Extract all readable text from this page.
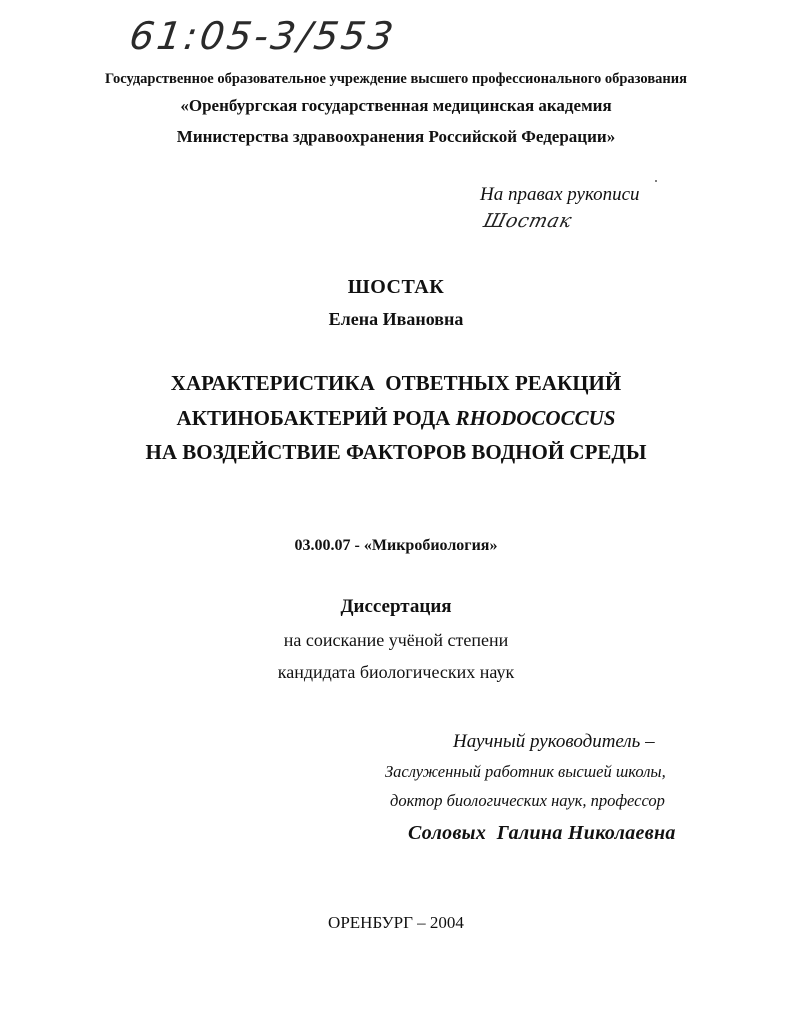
61:05-3/553
Государственное образовательное учреждение высшего профессионального образования
«Оренбургская государственная медицинская академия
Министерства здравоохранения Российской Федерации»
На правах рукописи
Шостак
ШОСТАК
Елена Ивановна
ХАРАКТЕРИСТИКА  ОТВЕТНЫХ РЕАКЦИЙ
АКТИНОБАКТЕРИЙ РОДА RHODOCOCCUS
НА ВОЗДЕЙСТВИЕ ФАКТОРОВ ВОДНОЙ СРЕДЫ
03.00.07 - «Микробиология»
Диссертация
на соискание учёной степени
кандидата биологических наук
Научный руководитель –
Заслуженный работник высшей школы,
доктор биологических наук, профессор
Соловых  Галина Николаевна
ОРЕНБУРГ – 2004
